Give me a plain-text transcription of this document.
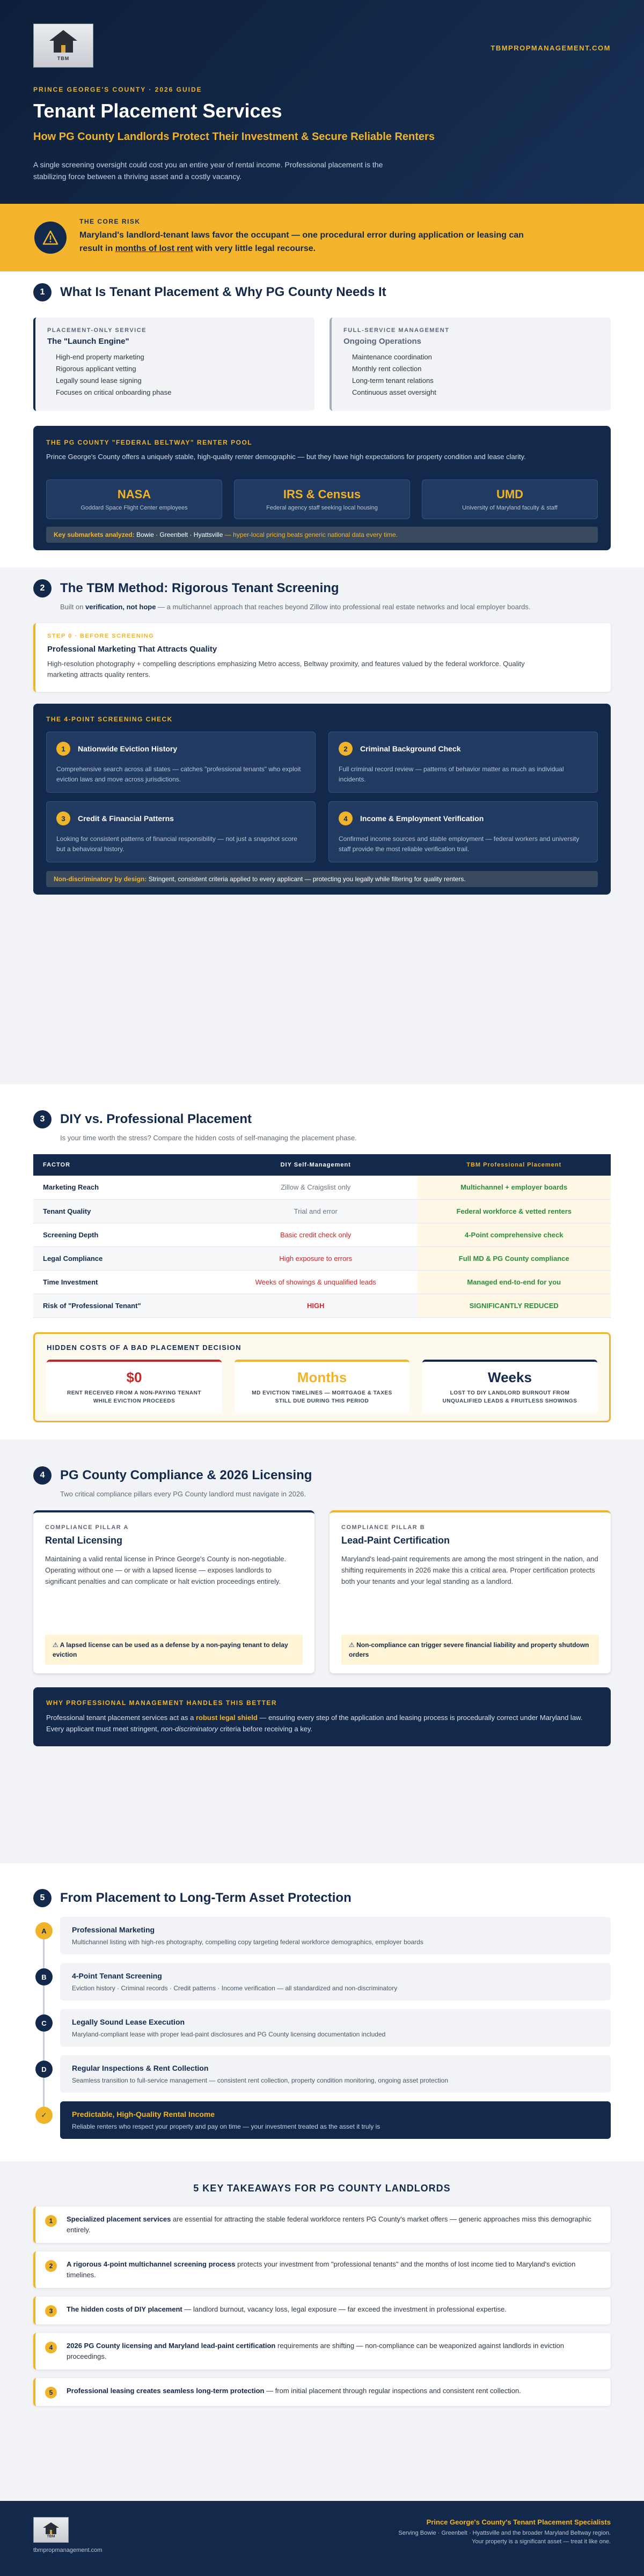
TBM
TBMPROPMANAGEMENT.COM
PRINCE GEORGE'S COUNTY · 2026 GUIDE
Tenant Placement Services
How PG County Landlords Protect Their Investment & Secure Reliable Renters
A single screening oversight could cost you an entire year of rental income. Professional placement is the stabilizing force between a thriving asset and a costly vacancy.
THE CORE RISK
Maryland's landlord-tenant laws favor the occupant — one procedural error during application or leasing can result in months of lost rent with very little legal recourse.
1	What Is Tenant Placement & Why PG County Needs It
PLACEMENT-ONLY SERVICE
The "Launch Engine"
High-end property marketing
Rigorous applicant vetting
Legally sound lease signing
Focuses on critical onboarding phase
FULL-SERVICE MANAGEMENT
Ongoing Operations
Maintenance coordination
Monthly rent collection
Long-term tenant relations
Continuous asset oversight
THE PG COUNTY "FEDERAL BELTWAY" RENTER POOL
Prince George's County offers a uniquely stable, high-quality renter demographic — but they have high expectations for property condition and lease clarity.
NASA
Goddard Space Flight Center employees
IRS & Census
Federal agency staff seeking local housing
UMD
University of Maryland faculty & staff
Key submarkets analyzed: Bowie · Greenbelt · Hyattsville — hyper-local pricing beats generic national data every time.
2	The TBM Method: Rigorous Tenant Screening
Built on verification, not hope — a multichannel approach that reaches beyond Zillow into professional real estate networks and local employer boards.
STEP 0 · BEFORE SCREENING
Professional Marketing That Attracts Quality
High-resolution photography + compelling descriptions emphasizing Metro access, Beltway proximity, and features valued by the federal workforce. Quality marketing attracts quality renters.
THE 4-POINT SCREENING CHECK
1	Nationwide Eviction History
Comprehensive search across all states — catches "professional tenants" who exploit eviction laws and move across jurisdictions.
2	Criminal Background Check
Full criminal record review — patterns of behavior matter as much as individual incidents.
3	Credit & Financial Patterns
Looking for consistent patterns of financial responsibility — not just a snapshot score but a behavioral history.
4	Income & Employment Verification
Confirmed income sources and stable employment — federal workers and university staff provide the most reliable verification trail.
Non-discriminatory by design: Stringent, consistent criteria applied to every applicant — protecting you legally while filtering for quality renters.
3	DIY vs. Professional Placement
Is your time worth the stress? Compare the hidden costs of self-managing the placement phase.
FACTOR	DIY Self-Management	TBM Professional Placement
Marketing Reach	Zillow & Craigslist only	Multichannel + employer boards
Tenant Quality	Trial and error	Federal workforce & vetted renters
Screening Depth	Basic credit check only	4-Point comprehensive check
Legal Compliance	High exposure to errors	Full MD & PG County compliance
Time Investment	Weeks of showings & unqualified leads	Managed end-to-end for you
Risk of "Professional Tenant"	HIGH	SIGNIFICANTLY REDUCED
HIDDEN COSTS OF A BAD PLACEMENT DECISION
$0
RENT RECEIVED FROM A NON-PAYING TENANT WHILE EVICTION PROCEEDS
Months
MD EVICTION TIMELINES — MORTGAGE & TAXES STILL DUE DURING THIS PERIOD
Weeks
LOST TO DIY LANDLORD BURNOUT FROM UNQUALIFIED LEADS & FRUITLESS SHOWINGS
4	PG County Compliance & 2026 Licensing
Two critical compliance pillars every PG County landlord must navigate in 2026.
COMPLIANCE PILLAR A
Rental Licensing
Maintaining a valid rental license in Prince George's County is non-negotiable. Operating without one — or with a lapsed license — exposes landlords to significant penalties and can complicate or halt eviction proceedings entirely.
⚠ A lapsed license can be used as a defense by a non-paying tenant to delay eviction
COMPLIANCE PILLAR B
Lead-Paint Certification
Maryland's lead-paint requirements are among the most stringent in the nation, and shifting requirements in 2026 make this a critical area. Proper certification protects both your tenants and your legal standing as a landlord.
⚠ Non-compliance can trigger severe financial liability and property shutdown orders
WHY PROFESSIONAL MANAGEMENT HANDLES THIS BETTER
Professional tenant placement services act as a robust legal shield — ensuring every step of the application and leasing process is procedurally correct under Maryland law. Every applicant must meet stringent, non-discriminatory criteria before receiving a key.
5	From Placement to Long-Term Asset Protection
A	Professional Marketing
Multichannel listing with high-res photography, compelling copy targeting federal workforce demographics, employer boards
B	4-Point Tenant Screening
Eviction history · Criminal records · Credit patterns · Income verification — all standardized and non-discriminatory
C	Legally Sound Lease Execution
Maryland-compliant lease with proper lead-paint disclosures and PG County licensing documentation included
D	Regular Inspections & Rent Collection
Seamless transition to full-service management — consistent rent collection, property condition monitoring, ongoing asset protection
✓	Predictable, High-Quality Rental Income
Reliable renters who respect your property and pay on time — your investment treated as the asset it truly is
5 KEY TAKEAWAYS FOR PG COUNTY LANDLORDS
1	Specialized placement services are essential for attracting the stable federal workforce renters PG County's market offers — generic approaches miss this demographic entirely.
2	A rigorous 4-point multichannel screening process protects your investment from "professional tenants" and the months of lost income tied to Maryland's eviction timelines.
3	The hidden costs of DIY placement — landlord burnout, vacancy loss, legal exposure — far exceed the investment in professional expertise.
4	2026 PG County licensing and Maryland lead-paint certification requirements are shifting — non-compliance can be weaponized against landlords in eviction proceedings.
5	Professional leasing creates seamless long-term protection — from initial placement through regular inspections and consistent rent collection.
TBM
tbmpropmanagement.com
Prince George's County's Tenant Placement Specialists
Serving Bowie · Greenbelt · Hyattsville and the broader Maryland Beltway region.
Your property is a significant asset — treat it like one.
